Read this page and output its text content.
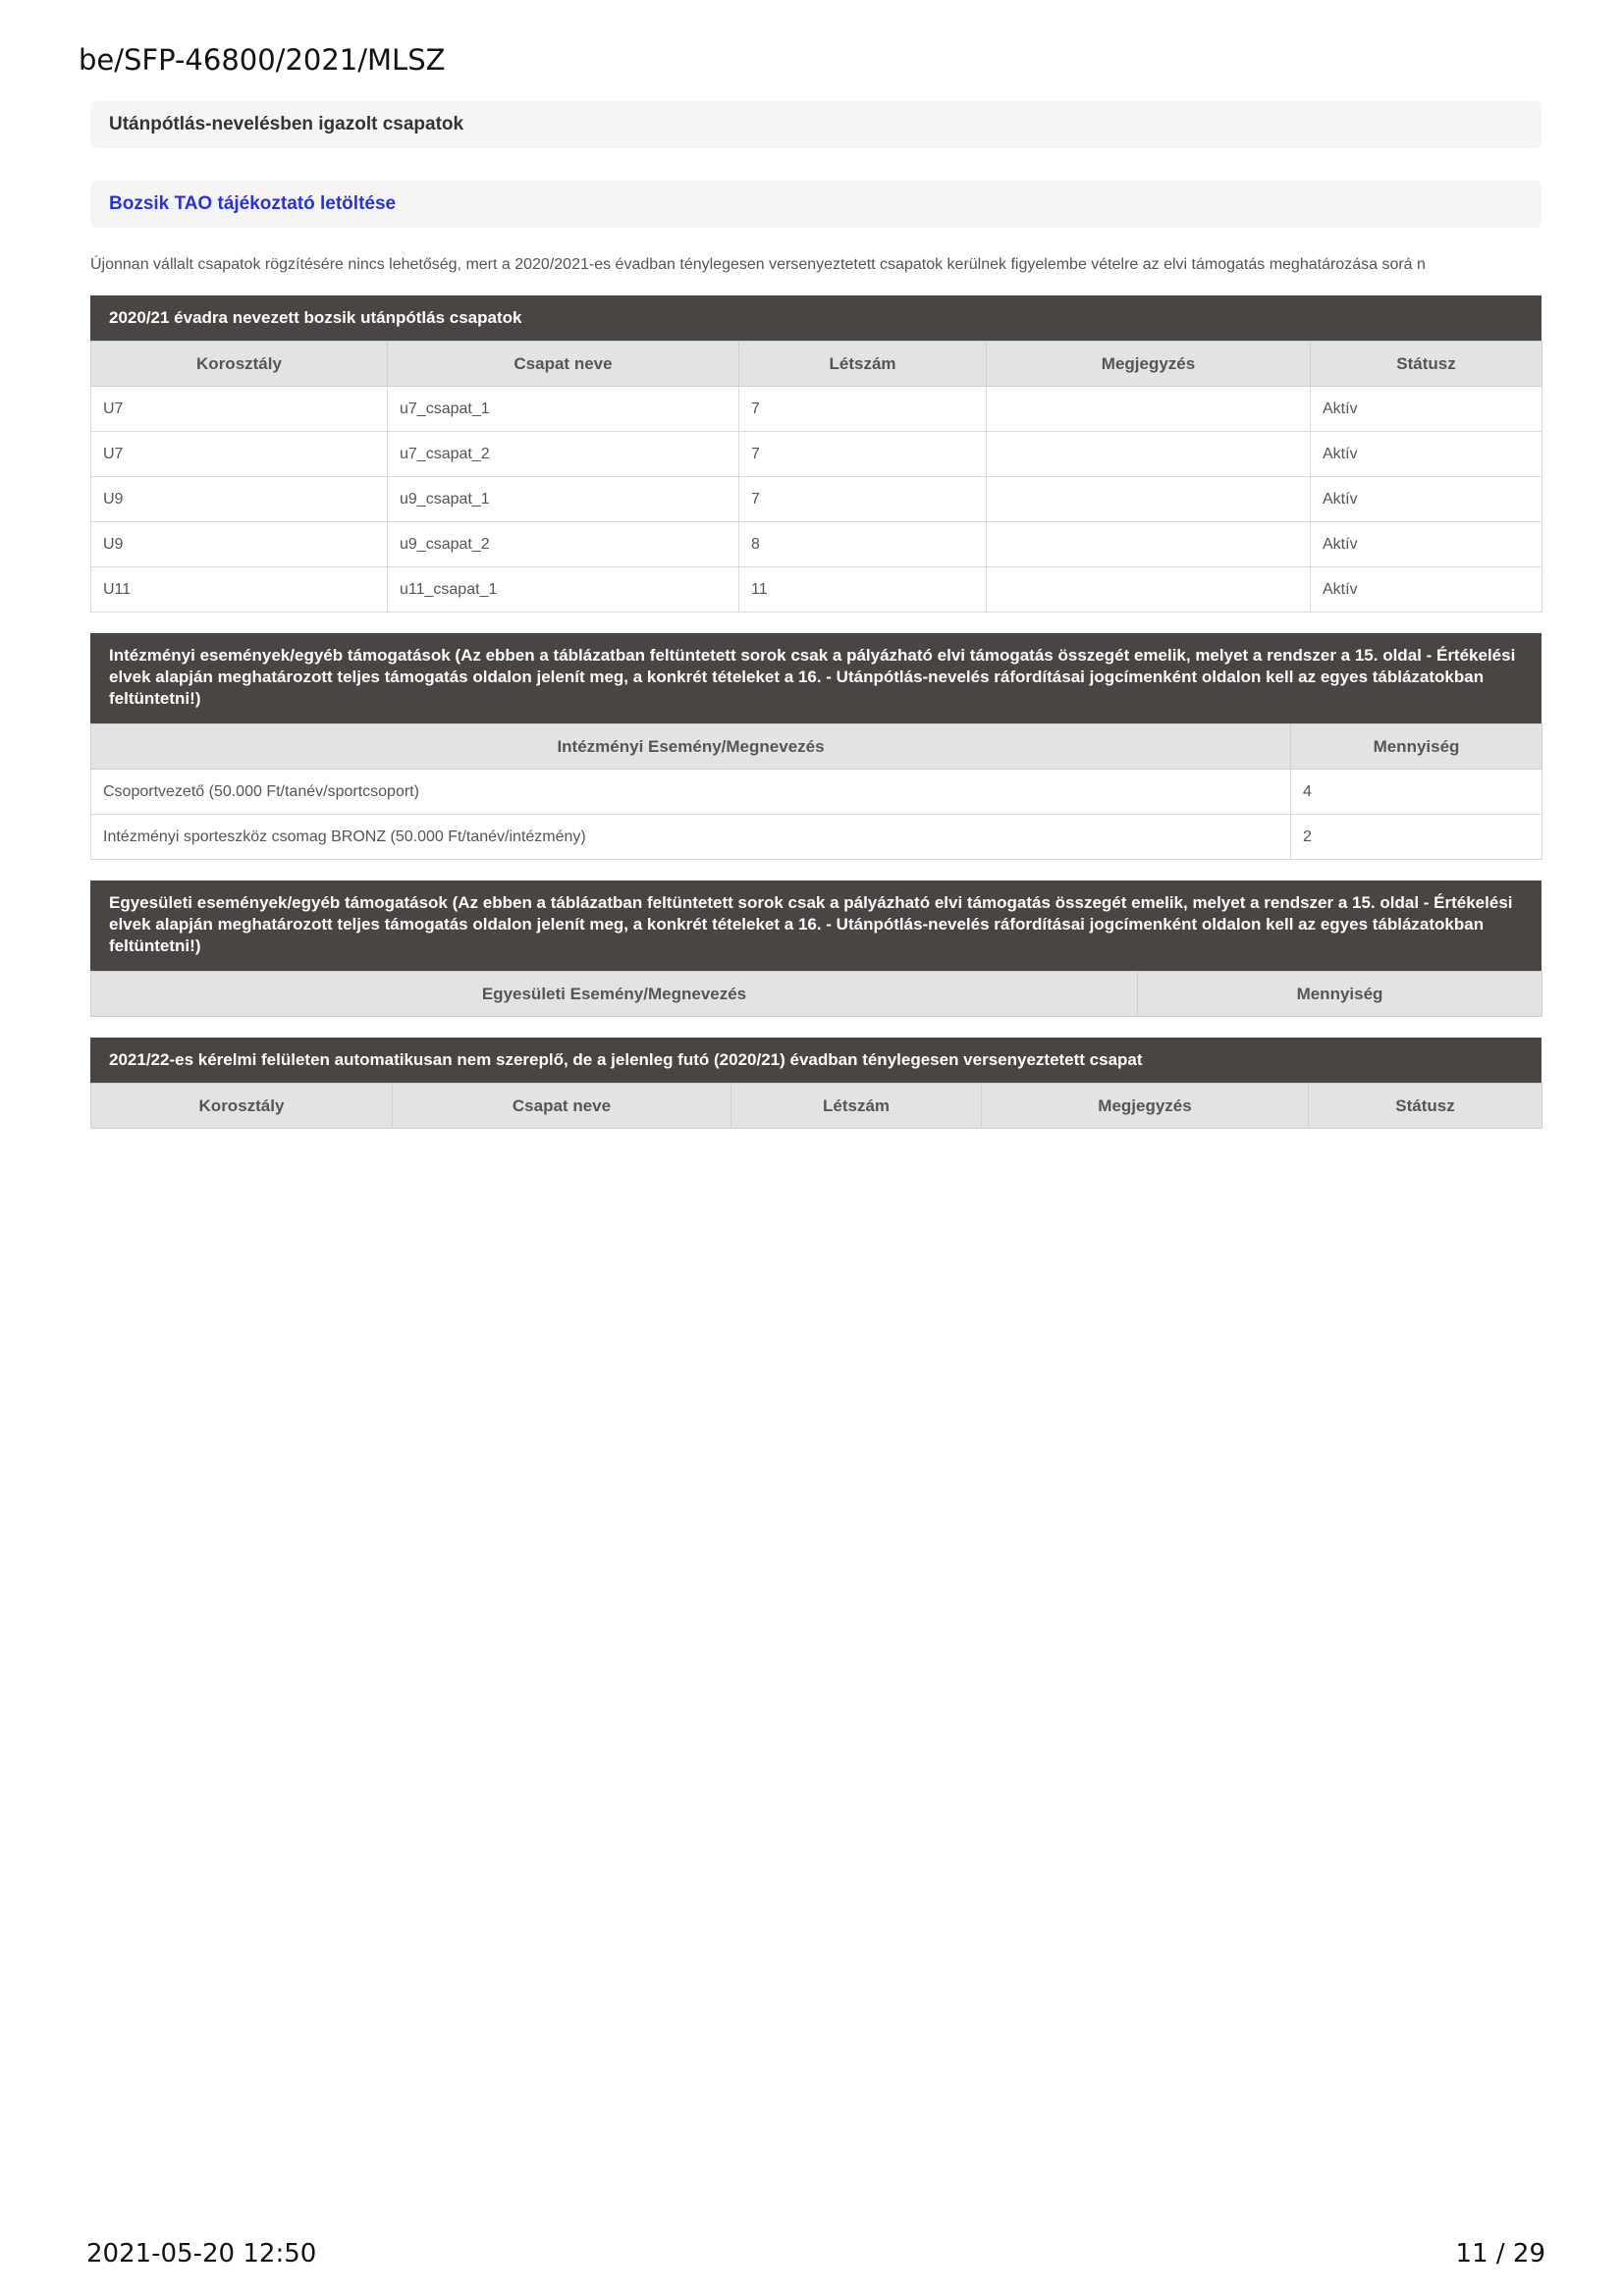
be/SFP-46800/2021/MLSZ
Utánpótlás-nevelésben igazolt csapatok
Bozsik TAO tájékoztató letöltése
Újonnan vállalt csapatok rögzítésére nincs lehetőség, mert a 2020/2021-es évadban ténylegesen versenyeztetett csapatok kerülnek figyelembe vételre az elvi támogatás meghatározása sorá n
2020/21 évadra nevezett bozsik utánpótlás csapatok
Korosztály	Csapat neve	Létszám	Megjegyzés	Státusz
U7	u7_csapat_1	7		Aktív
U7	u7_csapat_2	7		Aktív
U9	u9_csapat_1	7		Aktív
U9	u9_csapat_2	8		Aktív
U11	u11_csapat_1	11		Aktív
Intézményi események/egyéb támogatások (Az ebben a táblázatban feltüntetett sorok csak a pályázható elvi támogatás összegét emelik, melyet a rendszer a 15. oldal - Értékelési elvek alapján meghatározott teljes támogatás oldalon jelenít meg, a konkrét tételeket a 16. - Utánpótlás-nevelés ráfordításai jogcímenként oldalon kell az egyes táblázatokban feltüntetni!)
Intézményi Esemény/Megnevezés	Mennyiség
Csoportvezető (50.000 Ft/tanév/sportcsoport)	4
Intézményi sporteszköz csomag BRONZ (50.000 Ft/tanév/intézmény)	2
Egyesületi események/egyéb támogatások (Az ebben a táblázatban feltüntetett sorok csak a pályázható elvi támogatás összegét emelik, melyet a rendszer a 15. oldal - Értékelési elvek alapján meghatározott teljes támogatás oldalon jelenít meg, a konkrét tételeket a 16. - Utánpótlás-nevelés ráfordításai jogcímenként oldalon kell az egyes táblázatokban feltüntetni!)
Egyesületi Esemény/Megnevezés	Mennyiség
2021/22-es kérelmi felületen automatikusan nem szereplő, de a jelenleg futó (2020/21) évadban ténylegesen versenyeztetett csapat
Korosztály	Csapat neve	Létszám	Megjegyzés	Státusz
2021-05-20 12:50	11 / 29
